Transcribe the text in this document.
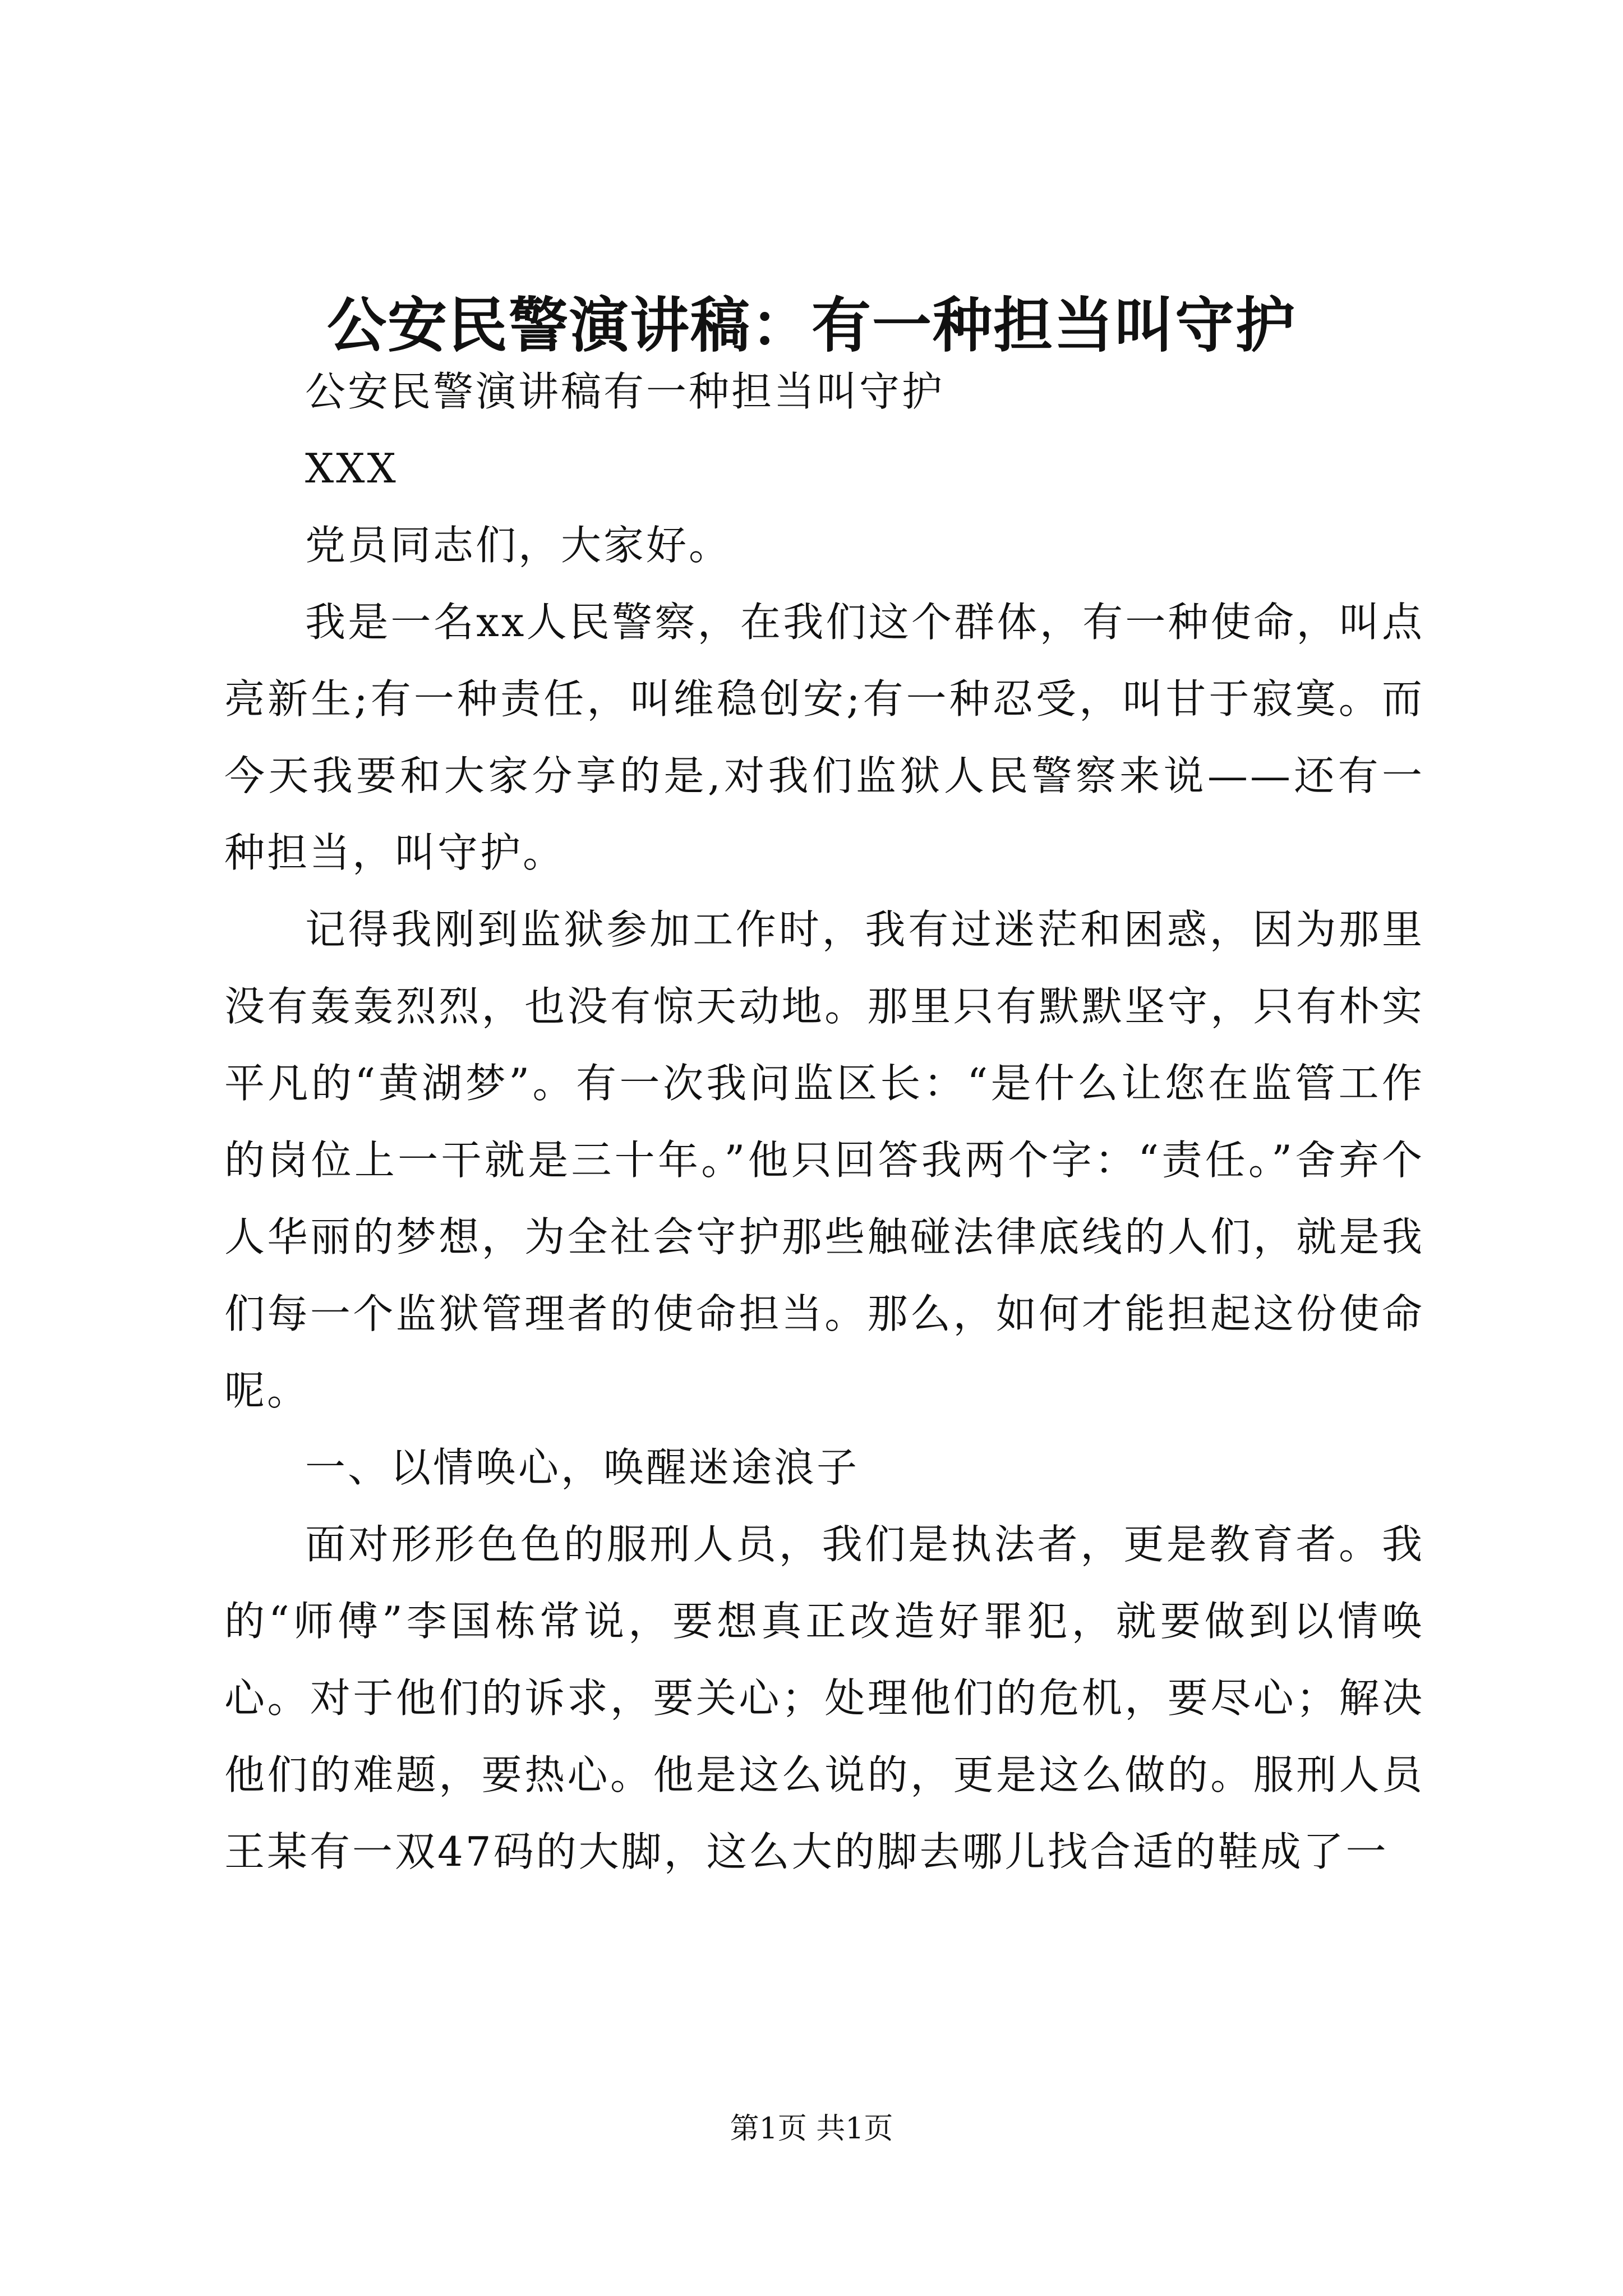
公安民警演讲稿：有一种担当叫守护

公安民警演讲稿有一种担当叫守护

XXX

党员同志们，大家好。

我是一名xx人民警察，在我们这个群体，有一种使命，叫点亮新生;有一种责任，叫维稳创安;有一种忍受，叫甘于寂寞。而今天我要和大家分享的是,对我们监狱人民警察来说——还有一种担当，叫守护。

记得我刚到监狱参加工作时，我有过迷茫和困惑，因为那里没有轰轰烈烈，也没有惊天动地。那里只有默默坚守，只有朴实平凡的“黄湖梦”。有一次我问监区长：“是什么让您在监管工作的岗位上一干就是三十年。”他只回答我两个字：“责任。”舍弃个人华丽的梦想，为全社会守护那些触碰法律底线的人们，就是我们每一个监狱管理者的使命担当。那么，如何才能担起这份使命呢。

一、以情唤心，唤醒迷途浪子

面对形形色色的服刑人员，我们是执法者，更是教育者。我的“师傅”李国栋常说，要想真正改造好罪犯，就要做到以情唤心。对于他们的诉求，要关心；处理他们的危机，要尽心；解决他们的难题，要热心。他是这么说的，更是这么做的。服刑人员王某有一双47码的大脚，这么大的脚去哪儿找合适的鞋成了一

第1页 共1页
